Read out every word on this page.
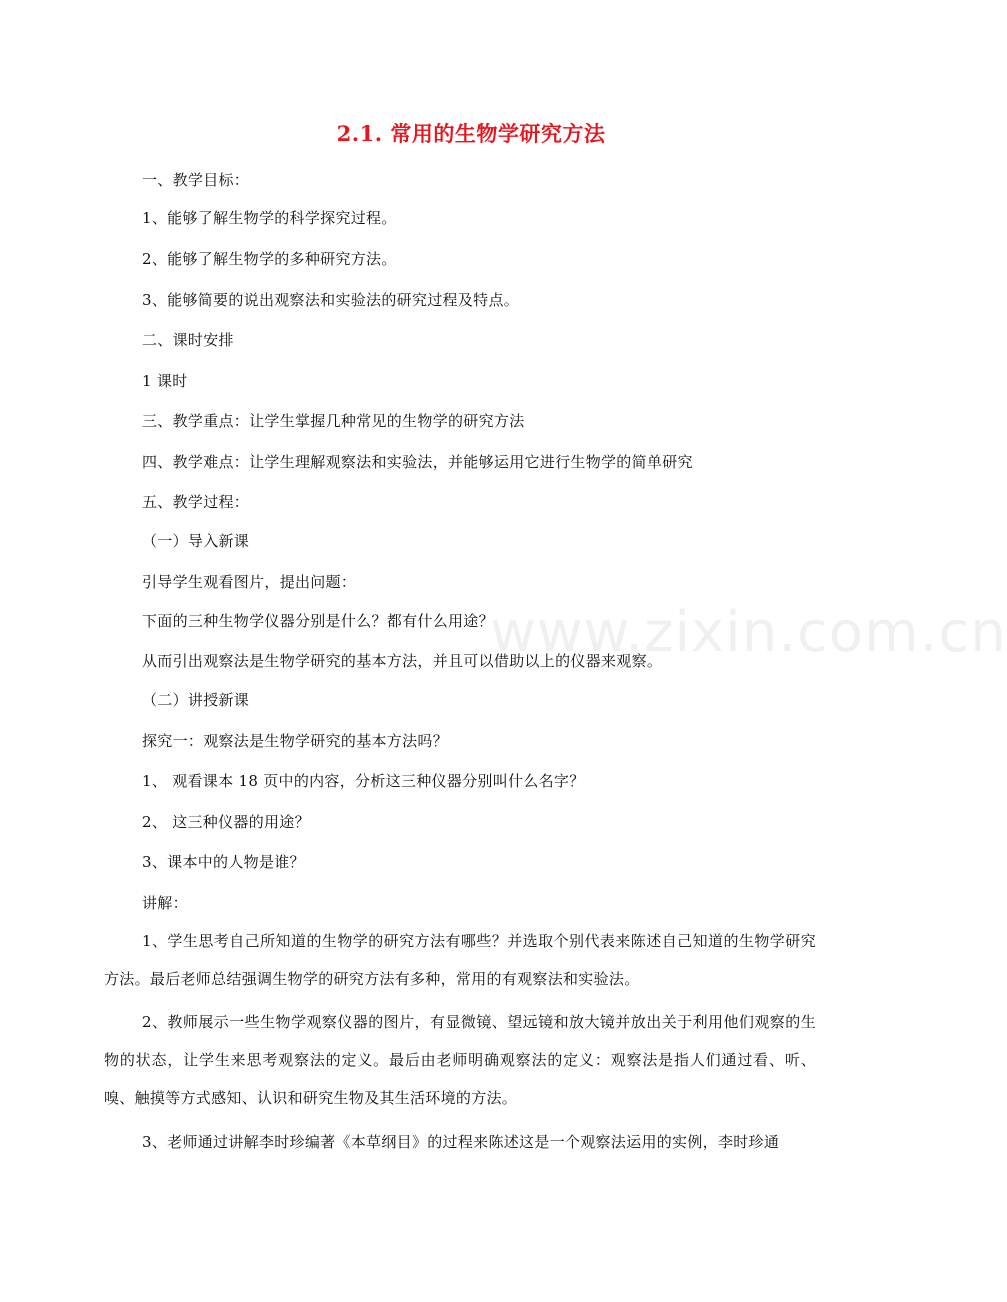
2.1. 常用的生物学研究方法
一、教学目标：
1、能够了解生物学的科学探究过程。
2、能够了解生物学的多种研究方法。
3、能够简要的说出观察法和实验法的研究过程及特点。
二、课时安排
1 课时
三、教学重点：让学生掌握几种常见的生物学的研究方法
四、教学难点：让学生理解观察法和实验法，并能够运用它进行生物学的简单研究
五、教学过程：
（一）导入新课
引导学生观看图片，提出问题：
下面的三种生物学仪器分别是什么？都有什么用途？
从而引出观察法是生物学研究的基本方法，并且可以借助以上的仪器来观察。
（二）讲授新课
探究一：观察法是生物学研究的基本方法吗？
1、 观看课本 18 页中的内容，分析这三种仪器分别叫什么名字？
2、 这三种仪器的用途？
3、课本中的人物是谁？
讲解：
1、学生思考自己所知道的生物学的研究方法有哪些？并选取个别代表来陈述自己知道的生物学研究方法。最后老师总结强调生物学的研究方法有多种，常用的有观察法和实验法。
2、教师展示一些生物学观察仪器的图片，有显微镜、望远镜和放大镜并放出关于利用他们观察的生物的状态，让学生来思考观察法的定义。最后由老师明确观察法的定义：观察法是指人们通过看、听、嗅、触摸等方式感知、认识和研究生物及其生活环境的方法。
3、老师通过讲解李时珍编著《本草纲目》的过程来陈述这是一个观察法运用的实例，李时珍通
www.zixin.com.cn
